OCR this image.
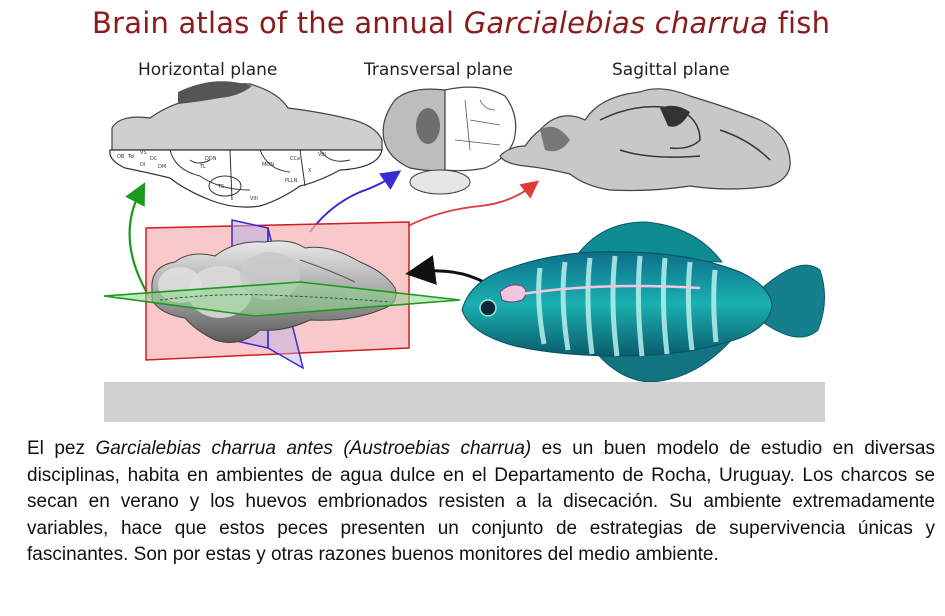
Brain atlas of the annual Garcialebias charrua fish
Horizontal plane	Transversal plane	Sagittal plane
OB Tel
VS
DC
Dl	DM
DDN
TS
VIII
PLLN
MON
CCe
TL
VIII
X
El pez Garcialebias charrua antes (Austroebias charrua) es un buen modelo de estudio en diversas disciplinas, habita en ambientes de agua dulce en el Departamento de Rocha, Uruguay. Los charcos se secan en verano y los huevos embrionados resisten a la disecación. Su ambiente extremadamente variables, hace que estos peces presenten un conjunto de estrategias de supervivencia únicas y fascinantes. Son por estas y otras razones buenos monitores del medio ambiente.
